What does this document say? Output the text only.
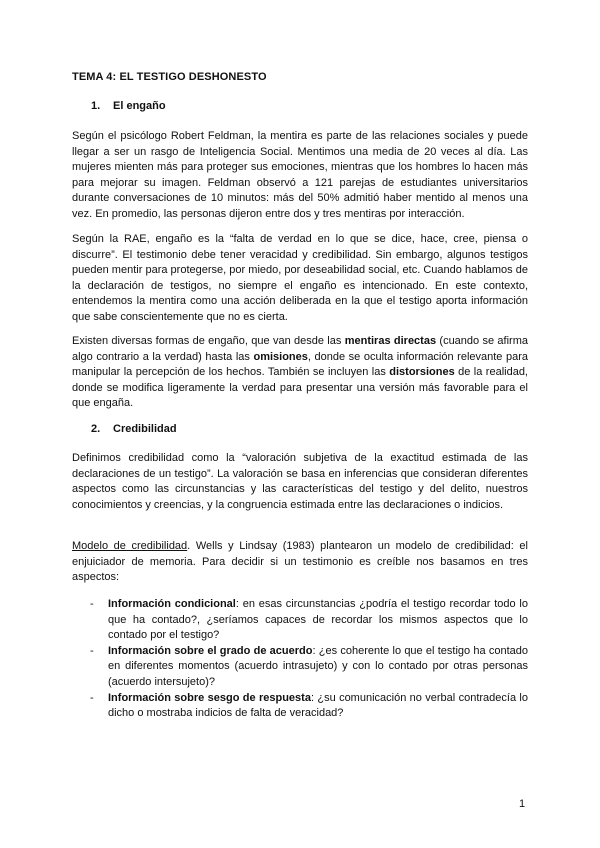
TEMA 4: EL TESTIGO DESHONESTO
1. El engaño
Según el psicólogo Robert Feldman, la mentira es parte de las relaciones sociales y puede llegar a ser un rasgo de Inteligencia Social. Mentimos una media de 20 veces al día. Las mujeres mienten más para proteger sus emociones, mientras que los hombres lo hacen más para mejorar su imagen. Feldman observó a 121 parejas de estudiantes universitarios durante conversaciones de 10 minutos: más del 50% admitió haber mentido al menos una vez. En promedio, las personas dijeron entre dos y tres mentiras por interacción.
Según la RAE, engaño es la “falta de verdad en lo que se dice, hace, cree, piensa o discurre”. El testimonio debe tener veracidad y credibilidad. Sin embargo, algunos testigos pueden mentir para protegerse, por miedo, por deseabilidad social, etc. Cuando hablamos de la declaración de testigos, no siempre el engaño es intencionado. En este contexto, entendemos la mentira como una acción deliberada en la que el testigo aporta información que sabe conscientemente que no es cierta.
Existen diversas formas de engaño, que van desde las mentiras directas (cuando se afirma algo contrario a la verdad) hasta las omisiones, donde se oculta información relevante para manipular la percepción de los hechos. También se incluyen las distorsiones de la realidad, donde se modifica ligeramente la verdad para presentar una versión más favorable para el que engaña.
2. Credibilidad
Definimos credibilidad como la “valoración subjetiva de la exactitud estimada de las declaraciones de un testigo”. La valoración se basa en inferencias que consideran diferentes aspectos como las circunstancias y las características del testigo y del delito, nuestros conocimientos y creencias, y la congruencia estimada entre las declaraciones o indicios.
Modelo de credibilidad. Wells y Lindsay (1983) plantearon un modelo de credibilidad: el enjuiciador de memoria. Para decidir si un testimonio es creíble nos basamos en tres aspectos:
- Información condicional: en esas circunstancias ¿podría el testigo recordar todo lo que ha contado?, ¿seríamos capaces de recordar los mismos aspectos que lo contado por el testigo?
- Información sobre el grado de acuerdo: ¿es coherente lo que el testigo ha contado en diferentes momentos (acuerdo intrasujeto) y con lo contado por otras personas (acuerdo intersujeto)?
- Información sobre sesgo de respuesta: ¿su comunicación no verbal contradecía lo dicho o mostraba indicios de falta de veracidad?
1
